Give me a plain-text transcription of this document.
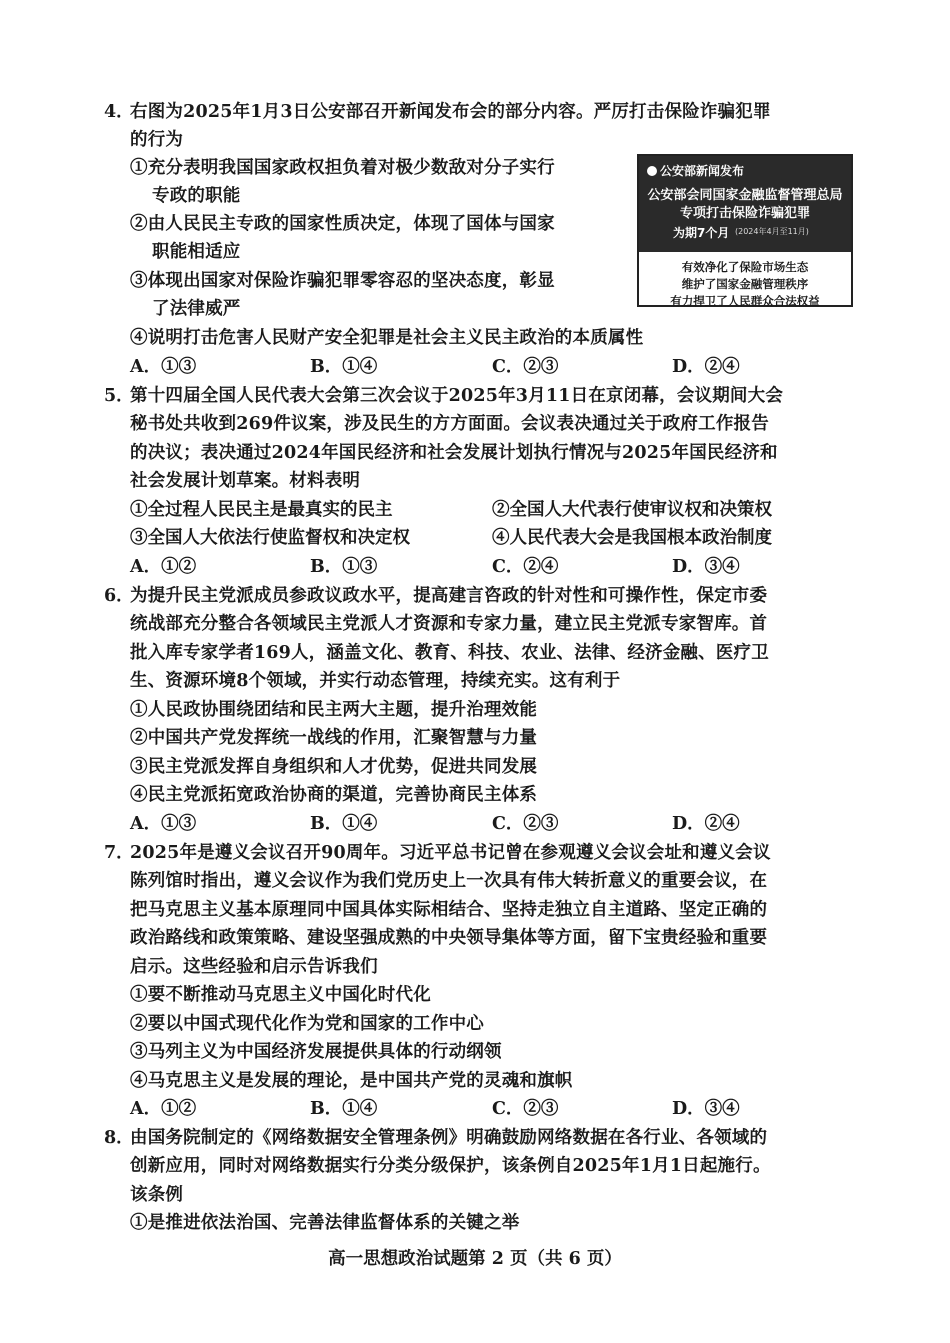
4．
右图为2025年1月3日公安部召开新闻发布会的部分内容。严厉打击保险诈骗犯罪
的行为
①充分表明我国国家政权担负着对极少数敌对分子实行
专政的职能
②由人民民主专政的国家性质决定，体现了国体与国家
职能相适应
③体现出国家对保险诈骗犯罪零容忍的坚决态度，彰显
了法律威严
④说明打击危害人民财产安全犯罪是社会主义民主政治的本质属性
A．①③	B．①④	C．②③	D．②④
公安部新闻发布
公安部会同国家金融监督管理总局
专项打击保险诈骗犯罪
为期7个月 (2024年4月至11月)
有效净化了保险市场生态
维护了国家金融管理秩序
有力捍卫了人民群众合法权益
5．
第十四届全国人民代表大会第三次会议于2025年3月11日在京闭幕，会议期间大会
秘书处共收到269件议案，涉及民生的方方面面。会议表决通过关于政府工作报告
的决议；表决通过2024年国民经济和社会发展计划执行情况与2025年国民经济和
社会发展计划草案。材料表明
①全过程人民民主是最真实的民主	②全国人大代表行使审议权和决策权
③全国人大依法行使监督权和决定权	④人民代表大会是我国根本政治制度
A．①②	B．①③	C．②④	D．③④
6．
为提升民主党派成员参政议政水平，提高建言咨政的针对性和可操作性，保定市委
统战部充分整合各领域民主党派人才资源和专家力量，建立民主党派专家智库。首
批入库专家学者169人，涵盖文化、教育、科技、农业、法律、经济金融、医疗卫
生、资源环境8个领域，并实行动态管理，持续充实。这有利于
①人民政协围绕团结和民主两大主题，提升治理效能
②中国共产党发挥统一战线的作用，汇聚智慧与力量
③民主党派发挥自身组织和人才优势，促进共同发展
④民主党派拓宽政治协商的渠道，完善协商民主体系
A．①③	B．①④	C．②③	D．②④
7．
2025年是遵义会议召开90周年。习近平总书记曾在参观遵义会议会址和遵义会议
陈列馆时指出，遵义会议作为我们党历史上一次具有伟大转折意义的重要会议，在
把马克思主义基本原理同中国具体实际相结合、坚持走独立自主道路、坚定正确的
政治路线和政策策略、建设坚强成熟的中央领导集体等方面，留下宝贵经验和重要
启示。这些经验和启示告诉我们
①要不断推动马克思主义中国化时代化
②要以中国式现代化作为党和国家的工作中心
③马列主义为中国经济发展提供具体的行动纲领
④马克思主义是发展的理论，是中国共产党的灵魂和旗帜
A．①②	B．①④	C．②③	D．③④
8．
由国务院制定的《网络数据安全管理条例》明确鼓励网络数据在各行业、各领域的
创新应用，同时对网络数据实行分类分级保护，该条例自2025年1月1日起施行。
该条例
①是推进依法治国、完善法律监督体系的关键之举
高一思想政治试题第 2 页（共 6 页）
